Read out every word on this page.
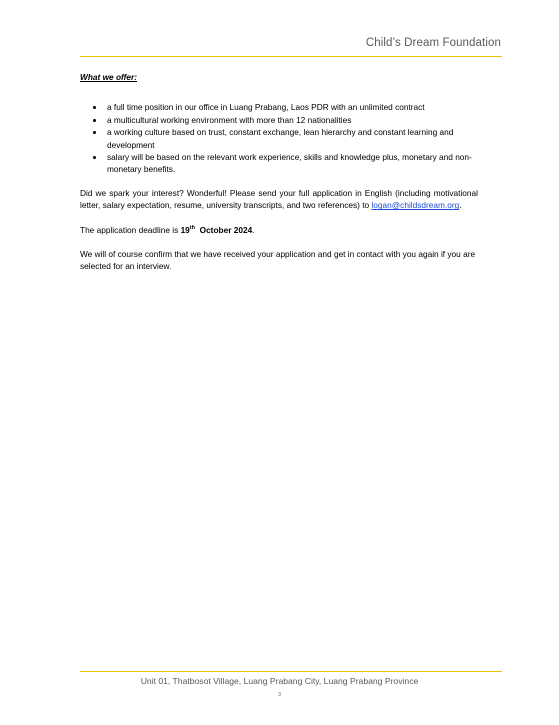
Child’s Dream Foundation

What we offer:

a full time position in our office in Luang Prabang, Laos PDR with an unlimited contract
a multicultural working environment with more than 12 nationalities
a working culture based on trust, constant exchange, lean hierarchy and constant learning and development
salary will be based on the relevant work experience, skills and knowledge plus, monetary and non-monetary benefits.

Did we spark your interest? Wonderful! Please send your full application in English (including motivational letter, salary expectation, resume, university transcripts, and two references) to logan@childsdream.org.

The application deadline is 19th  October 2024.

We will of course confirm that we have received your application and get in contact with you again if you are selected for an interview.

Unit 01, Thatbosot Village, Luang Prabang City, Luang Prabang Province
3
